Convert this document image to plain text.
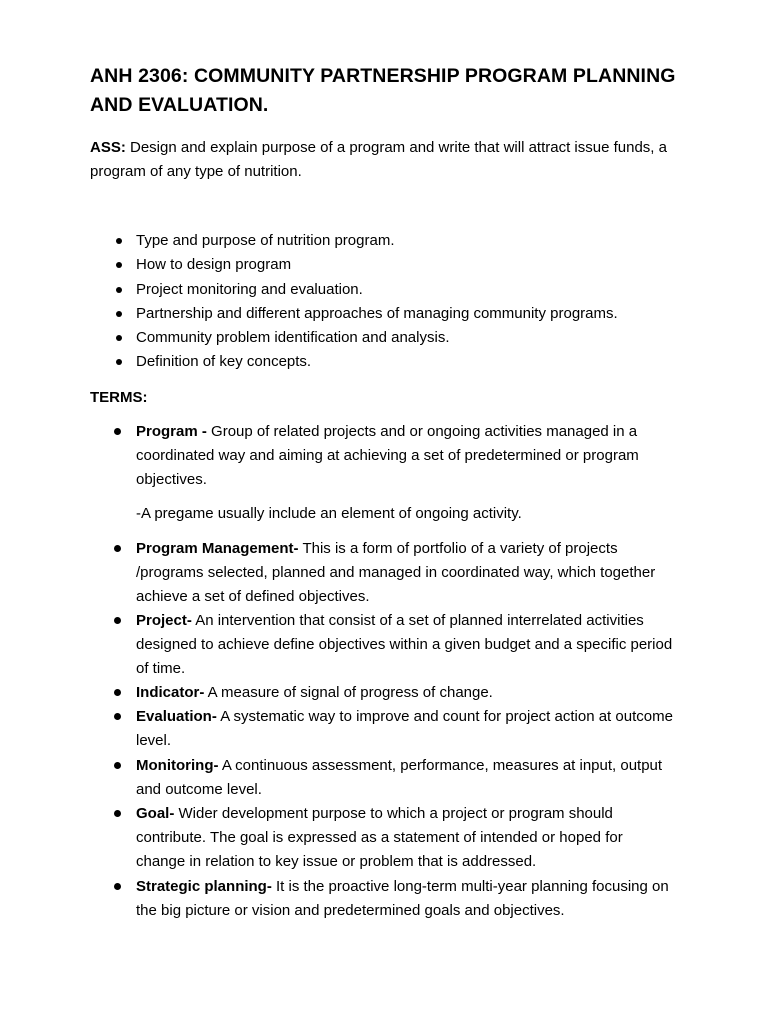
ANH 2306: COMMUNITY PARTNERSHIP PROGRAM PLANNING AND EVALUATION.

ASS: Design and explain purpose of a program and write that will attract issue funds, a program of any type of nutrition.

Type and purpose of nutrition program.
How to design program
Project monitoring and evaluation.
Partnership and different approaches of managing community programs.
Community problem identification and analysis.
Definition of key concepts.

TERMS:

Program - Group of related projects and or ongoing activities managed in a coordinated way and aiming at achieving a set of predetermined or program objectives.

-A pregame usually include an element of ongoing activity.

Program Management- This is a form of portfolio of a variety of projects /programs selected, planned and managed in coordinated way, which together achieve a set of defined objectives.
Project- An intervention that consist of a set of planned interrelated activities designed to achieve define objectives within a given budget and a specific period of time.
Indicator- A measure of signal of progress of change.
Evaluation- A systematic way to improve and count for project action at outcome level.
Monitoring- A continuous assessment, performance, measures at input, output and outcome level.
Goal- Wider development purpose to which a project or program should contribute. The goal is expressed as a statement of intended or hoped for change in relation to key issue or problem that is addressed.
Strategic planning- It is the proactive long-term multi-year planning focusing on the big picture or vision and predetermined goals and objectives.
